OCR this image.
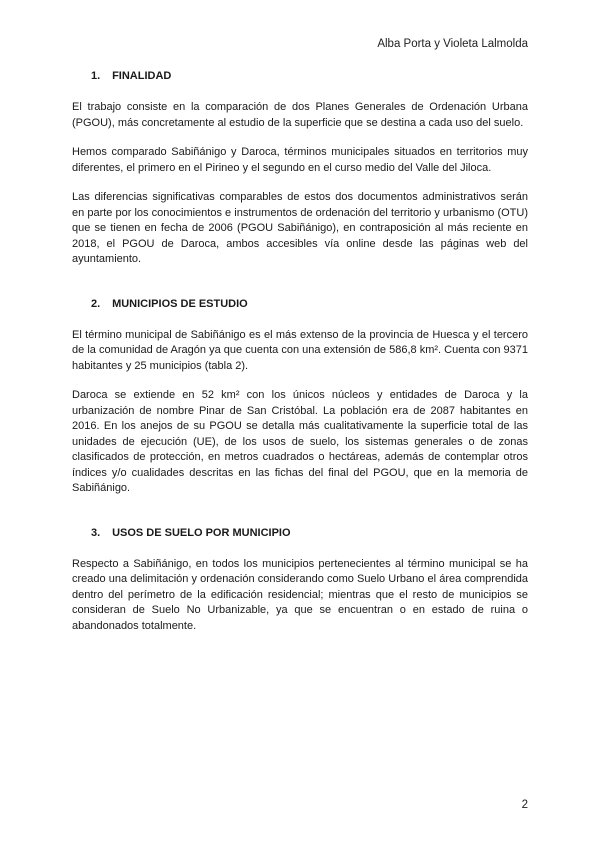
Alba Porta y Violeta Lalmolda
1. FINALIDAD

El trabajo consiste en la comparación de dos Planes Generales de Ordenación Urbana (PGOU), más concretamente al estudio de la superficie que se destina a cada uso del suelo.

Hemos comparado Sabiñánigo y Daroca, términos municipales situados en territorios muy diferentes, el primero en el Pirineo y el segundo en el curso medio del Valle del Jiloca.

Las diferencias significativas comparables de estos dos documentos administrativos serán en parte por los conocimientos e instrumentos de ordenación del territorio y urbanismo (OTU) que se tienen en fecha de 2006 (PGOU Sabiñánigo), en contraposición al más reciente en 2018, el PGOU de Daroca, ambos accesibles vía online desde las páginas web del ayuntamiento.

2. MUNICIPIOS DE ESTUDIO

El término municipal de Sabiñánigo es el más extenso de la provincia de Huesca y el tercero de la comunidad de Aragón ya que cuenta con una extensión de 586,8 km². Cuenta con 9371 habitantes y 25 municipios (tabla 2).

Daroca se extiende en 52 km² con los únicos núcleos y entidades de Daroca y la urbanización de nombre Pinar de San Cristóbal. La población era de 2087 habitantes en 2016. En los anejos de su PGOU se detalla más cualitativamente la superficie total de las unidades de ejecución (UE), de los usos de suelo, los sistemas generales o de zonas clasificados de protección, en metros cuadrados o hectáreas, además de contemplar otros índices y/o cualidades descritas en las fichas del final del PGOU, que en la memoria de Sabiñánigo.

3. USOS DE SUELO POR MUNICIPIO

Respecto a Sabiñánigo, en todos los municipios pertenecientes al término municipal se ha creado una delimitación y ordenación considerando como Suelo Urbano el área comprendida dentro del perímetro de la edificación residencial; mientras que el resto de municipios se consideran de Suelo No Urbanizable, ya que se encuentran o en estado de ruina o abandonados totalmente.

2
